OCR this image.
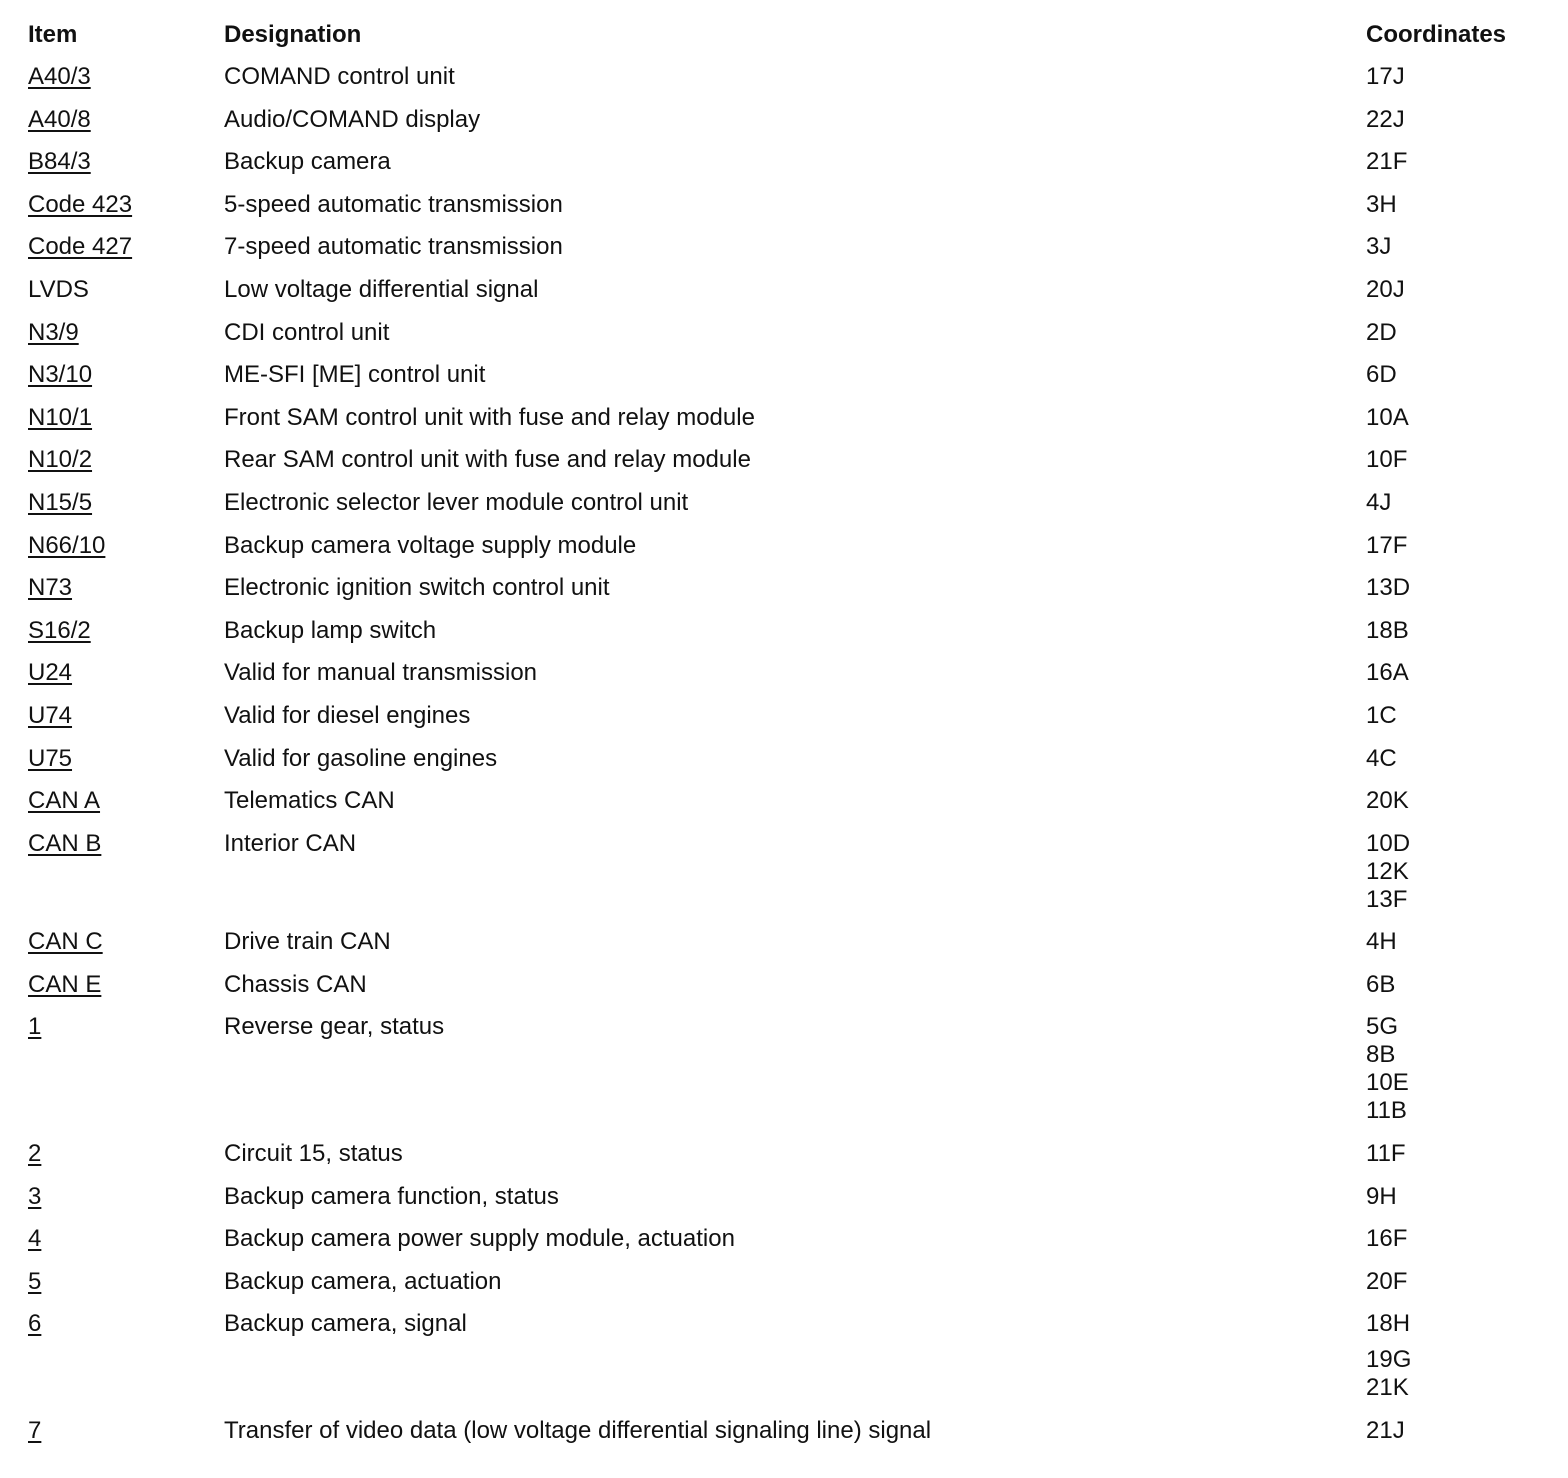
Item	Designation	Coordinates
A40/3	COMAND control unit	17J

A40/8	Audio/COMAND display	22J

B84/3	Backup camera	21F

Code 423	5-speed automatic transmission	3H

Code 427	7-speed automatic transmission	3J

LVDS	Low voltage differential signal	20J

N3/9	CDI control unit	2D

N3/10	ME-SFI [ME] control unit	6D

N10/1	Front SAM control unit with fuse and relay module	10A

N10/2	Rear SAM control unit with fuse and relay module	10F

N15/5	Electronic selector lever module control unit	4J

N66/10	Backup camera voltage supply module	17F

N73	Electronic ignition switch control unit	13D

S16/2	Backup lamp switch	18B

U24	Valid for manual transmission	16A

U74	Valid for diesel engines	1C

U75	Valid for gasoline engines	4C

CAN A	Telematics CAN	20K

CAN B	Interior CAN	10D
12K
13F

CAN C	Drive train CAN	4H

CAN E	Chassis CAN	6B

1	Reverse gear, status	5G
8B
10E
11B

2	Circuit 15, status	11F

3	Backup camera function, status	9H

4	Backup camera power supply module, actuation	16F

5	Backup camera, actuation	20F

6	Backup camera, signal	18H
19G
21K

7	Transfer of video data (low voltage differential signaling line) signal	21J
